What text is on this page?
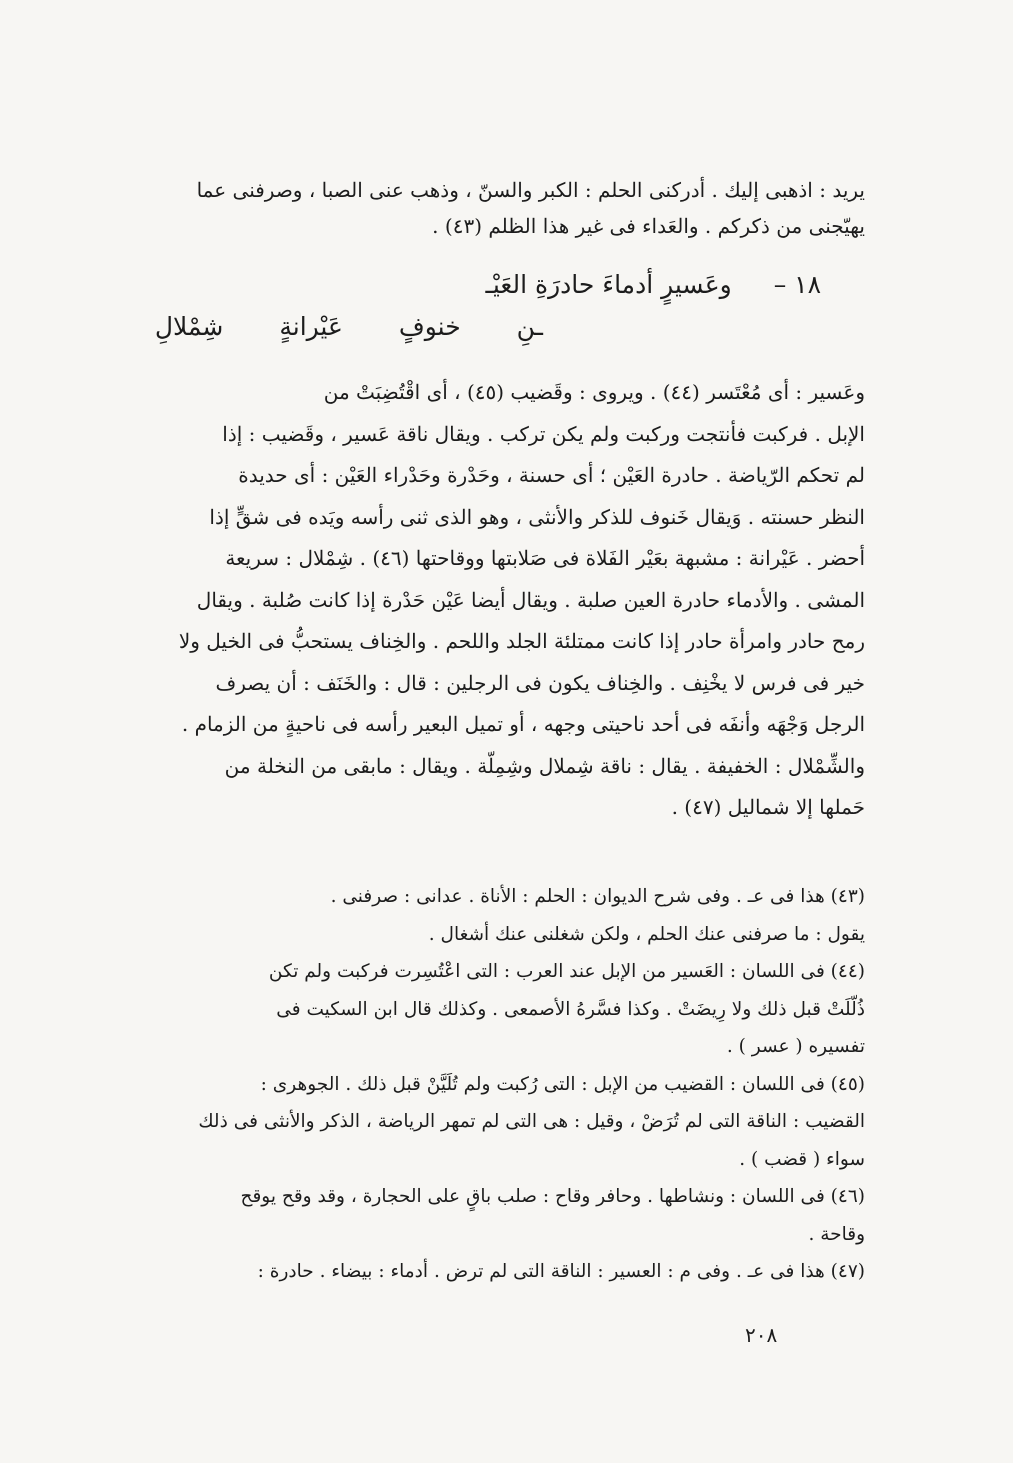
يريد : اذهبى إليك . أدركنى الحلم : الكبر والسنّ ، وذهب عنى الصبا ، وصرفنى عما
يهيّجنى من ذكركم . والعَداء فى غير هذا الظلم (٤٣) .
١٨ – وعَسيرٍ أدماءَ حادرَةِ العَيْـ
ـنِ خنوفٍ عَيْرانةٍ شِمْلالِ
وعَسير : أى مُعْتَسر (٤٤) . ويروى : وقَضيب (٤٥) ، أى اقْتُضِبَتْ من
الإبل . فركبت فأنتجت وركبت ولم يكن تركب . ويقال ناقة عَسير ، وقَضيب : إذا
لم تحكم الرّياضة . حادرة العَيْن ؛ أى حسنة ، وحَدْرة وحَدْراء العَيْن : أى حديدة
النظر حسنته . وَيقال خَنوف للذكر والأنثى ، وهو الذى ثنى رأسه ويَده فى شقٍّ إذا
أحضر . عَيْرانة : مشبهة بعَيْر الفَلاة فى صَلابتها ووقاحتها (٤٦) . شِمْلال : سريعة
المشى . والأدماء حادرة العين صلبة . ويقال أيضا عَيْن حَدْرة إذا كانت صُلبة . ويقال
رمح حادر وامرأة حادر إذا كانت ممتلئة الجلد واللحم . والخِناف يستحبُّ فى الخيل ولا
خير فى فرس لا يخْنِف . والخِناف يكون فى الرجلين : قال : والخَنَف : أن يصرف
الرجل وَجْهَه وأنفَه فى أحد ناحيتى وجهه ، أو تميل البعير رأسه فى ناحيةٍ من الزمام .
والشِّمْلال : الخفيفة . يقال : ناقة شِملال وشِمِلّة . ويقال : مابقى من النخلة من
حَملها إلا شماليل (٤٧) .
(٤٣) هذا فى عـ . وفى شرح الديوان : الحلم : الأناة . عدانى : صرفنى .
يقول : ما صرفنى عنك الحلم ، ولكن شغلنى عنك أشغال .
(٤٤) فى اللسان : العَسير من الإبل عند العرب : التى اعْتُسِرت فركبت ولم تكن
ذُلّلَتْ قبل ذلك ولا رِيضَتْ . وكذا فسَّرهُ الأصمعى . وكذلك قال ابن السكيت فى
تفسيره ( عسر ) .
(٤٥) فى اللسان : القضيب من الإبل : التى رُكبت ولم تُلَيَّنْ قبل ذلك . الجوهرى :
القضيب : الناقة التى لم تُرَضْ ، وقيل : هى التى لم تمهر الرياضة ، الذكر والأنثى فى ذلك
سواء ( قضب ) .
(٤٦) فى اللسان : ونشاطها . وحافر وقاح : صلب باقٍ على الحجارة ، وقد وقح يوقح
وقاحة .
(٤٧) هذا فى عـ . وفى م : العسير : الناقة التى لم ترض . أدماء : بيضاء . حادرة :
٢٠٨
